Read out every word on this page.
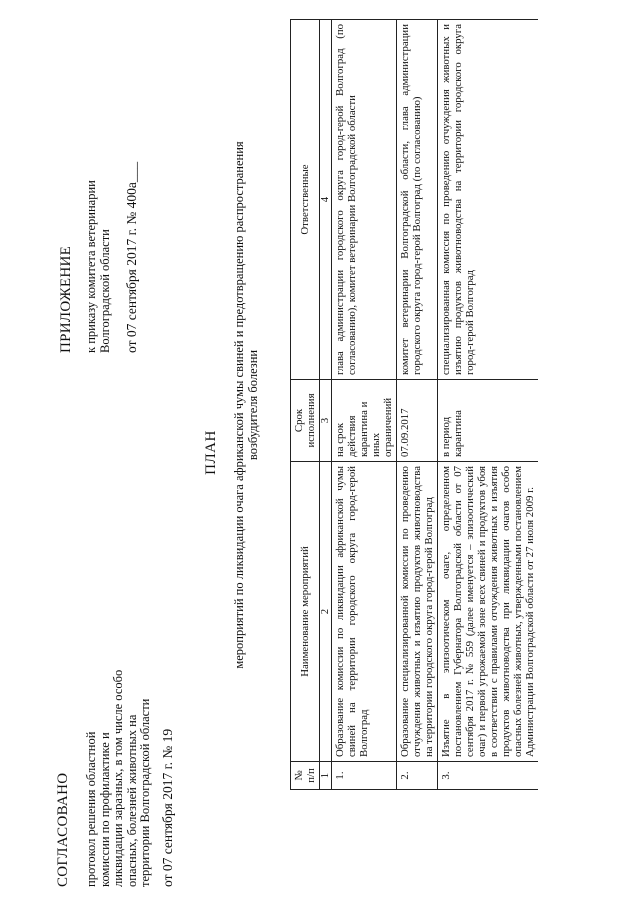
СОГЛАСОВАНО протокол решения областной комиссии по профилактике и ликвидации заразных, в том числе особо опасных, болезней животных на территории Волгоградской области от 07 сентября 2017 г. № 19
ПРИЛОЖЕНИЕ к приказу комитета ветеринарии Волгоградской области от 07 сентября 2017 г. № 400а___
ПЛАН мероприятий по ликвидации очага африканской чумы свиней и предотвращению распространения возбудителя болезни
№ п/п	Наименование мероприятий	Срок исполнения	Ответственные
1	2	3	4
1.	Образование комиссии по ликвидации африканской чумы свиней на территории городского округа город-герой Волгоград	на срок действия карантина и иных ограничений	глава администрации городского округа город-герой Волгоград (по согласованию), комитет ветеринарии Волгоградской области
2.	Образование специализированной комиссии по проведению отчуждения животных и изъятию продуктов животноводства на территории городского округа город-герой Волгоград	07.09.2017	комитет ветеринарии Волгоградской области, глава администрации городского округа город-герой Волгоград (по согласованию)
3.	Изъятие в эпизоотическом очаге, определенном постановлением Губернатора Волгоградской области от 07 сентября 2017 г. № 559 (далее именуется – эпизоотический очаг) и первой угрожаемой зоне всех свиней и продуктов убоя в соответствии с правилами отчуждения животных и изъятия продуктов животноводства при ликвидации очагов особо опасных болезней животных, утвержденными постановлением Администрации Волгоградской области от 27 июля 2009 г.	в период карантина	специализированная комиссия по проведению отчуждения животных и изъятию продуктов животноводства на территории городского округа город-герой Волгоград
